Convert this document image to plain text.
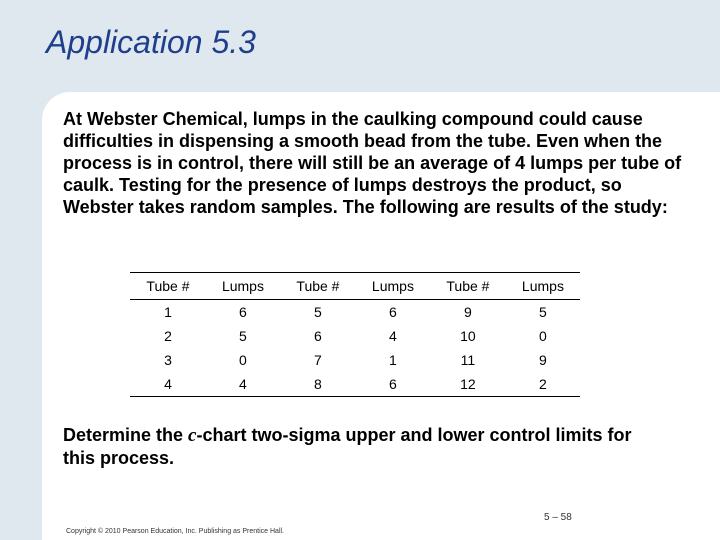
Application 5.3

At Webster Chemical, lumps in the caulking compound could cause difficulties in dispensing a smooth bead from the tube. Even when the process is in control, there will still be an average of 4 lumps per tube of caulk. Testing for the presence of lumps destroys the product, so Webster takes random samples. The following are results of the study:

Tube #	Lumps	Tube #	Lumps	Tube #	Lumps
1	6	5	6	9	5
2	5	6	4	10	0
3	0	7	1	11	9
4	4	8	6	12	2

Determine the c-chart two-sigma upper and lower control limits for this process.

5 – 58
Copyright © 2010 Pearson Education, Inc. Publishing as Prentice Hall.
